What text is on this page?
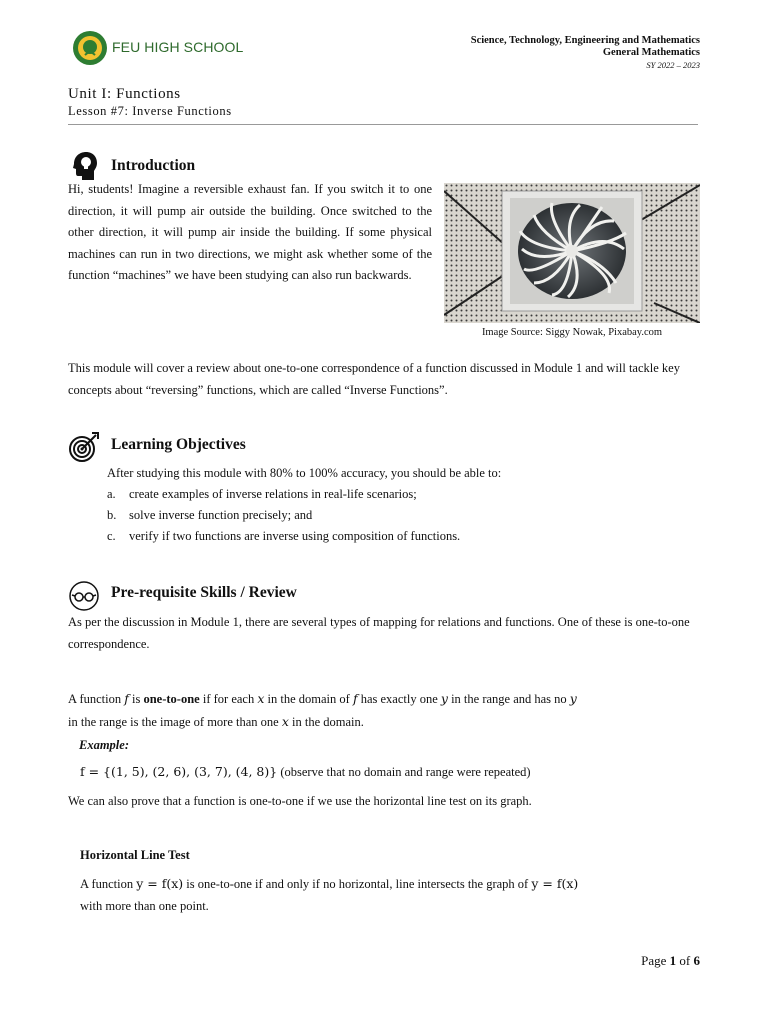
FEU HIGH SCHOOL	Science, Technology, Engineering and Mathematics
General Mathematics
SY 2022 – 2023
Unit I: Functions
Lesson #7: Inverse Functions
Introduction

Hi, students! Imagine a reversible exhaust fan. If you switch it to one direction, it will pump air outside the building. Once switched to the other direction, it will pump air inside the building. If some physical machines can run in two directions, we might ask whether some of the function “machines” we have been studying can also run backwards.

Image Source: Siggy Nowak, Pixabay.com

This module will cover a review about one-to-one correspondence of a function discussed in Module 1 and will tackle key concepts about “reversing” functions, which are called “Inverse Functions”.

Learning Objectives

After studying this module with 80% to 100% accuracy, you should be able to:

a. create examples of inverse relations in real-life scenarios;
b. solve inverse function precisely; and
c. verify if two functions are inverse using composition of functions.
Pre-requisite Skills / Review

As per the discussion in Module 1, there are several types of mapping for relations and functions. One of these is one-to-one correspondence.

A function f is one-to-one if for each x in the domain of f has exactly one y in the range and has no y
in the range is the image of more than one x in the domain.

Example:
f = {(1, 5), (2, 6), (3, 7), (4, 8)} (observe that no domain and range were repeated)

We can also prove that a function is one-to-one if we use the horizontal line test on its graph.

Horizontal Line Test

A function y = f(x) is one-to-one if and only if no horizontal, line intersects the graph of y = f(x)
with more than one point.

Page 1 of 6
